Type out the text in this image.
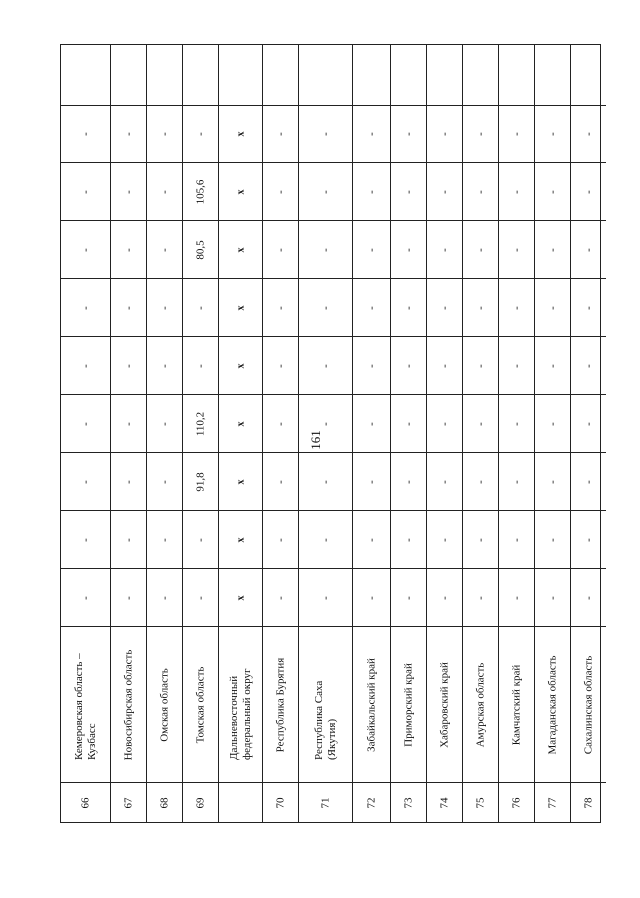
161
66
Кемеровская область – Кузбасс
-
-
-
-
-
-
-
-
-
67
Новосибирская область
-
-
-
-
-
-
-
-
-
68
Омская область
-
-
-
-
-
-
-
-
-
69
Томская область
-
-
91,8
110,2
-
-
80,5
105,6
-
Дальневосточный федеральный округ
x
x
x
x
x
x
x
x
x
70
Республика Бурятия
-
-
-
-
-
-
-
-
-
71
Республика Саха (Якутия)
-
-
-
-
-
-
-
-
-
72
Забайкальский край
-
-
-
-
-
-
-
-
-
73
Приморский край
-
-
-
-
-
-
-
-
-
74
Хабаровский край
-
-
-
-
-
-
-
-
-
75
Амурская область
-
-
-
-
-
-
-
-
-
76
Камчатский край
-
-
-
-
-
-
-
-
-
77
Магаданская область
-
-
-
-
-
-
-
-
-
78
Сахалинская область
-
-
-
-
-
-
-
-
-
